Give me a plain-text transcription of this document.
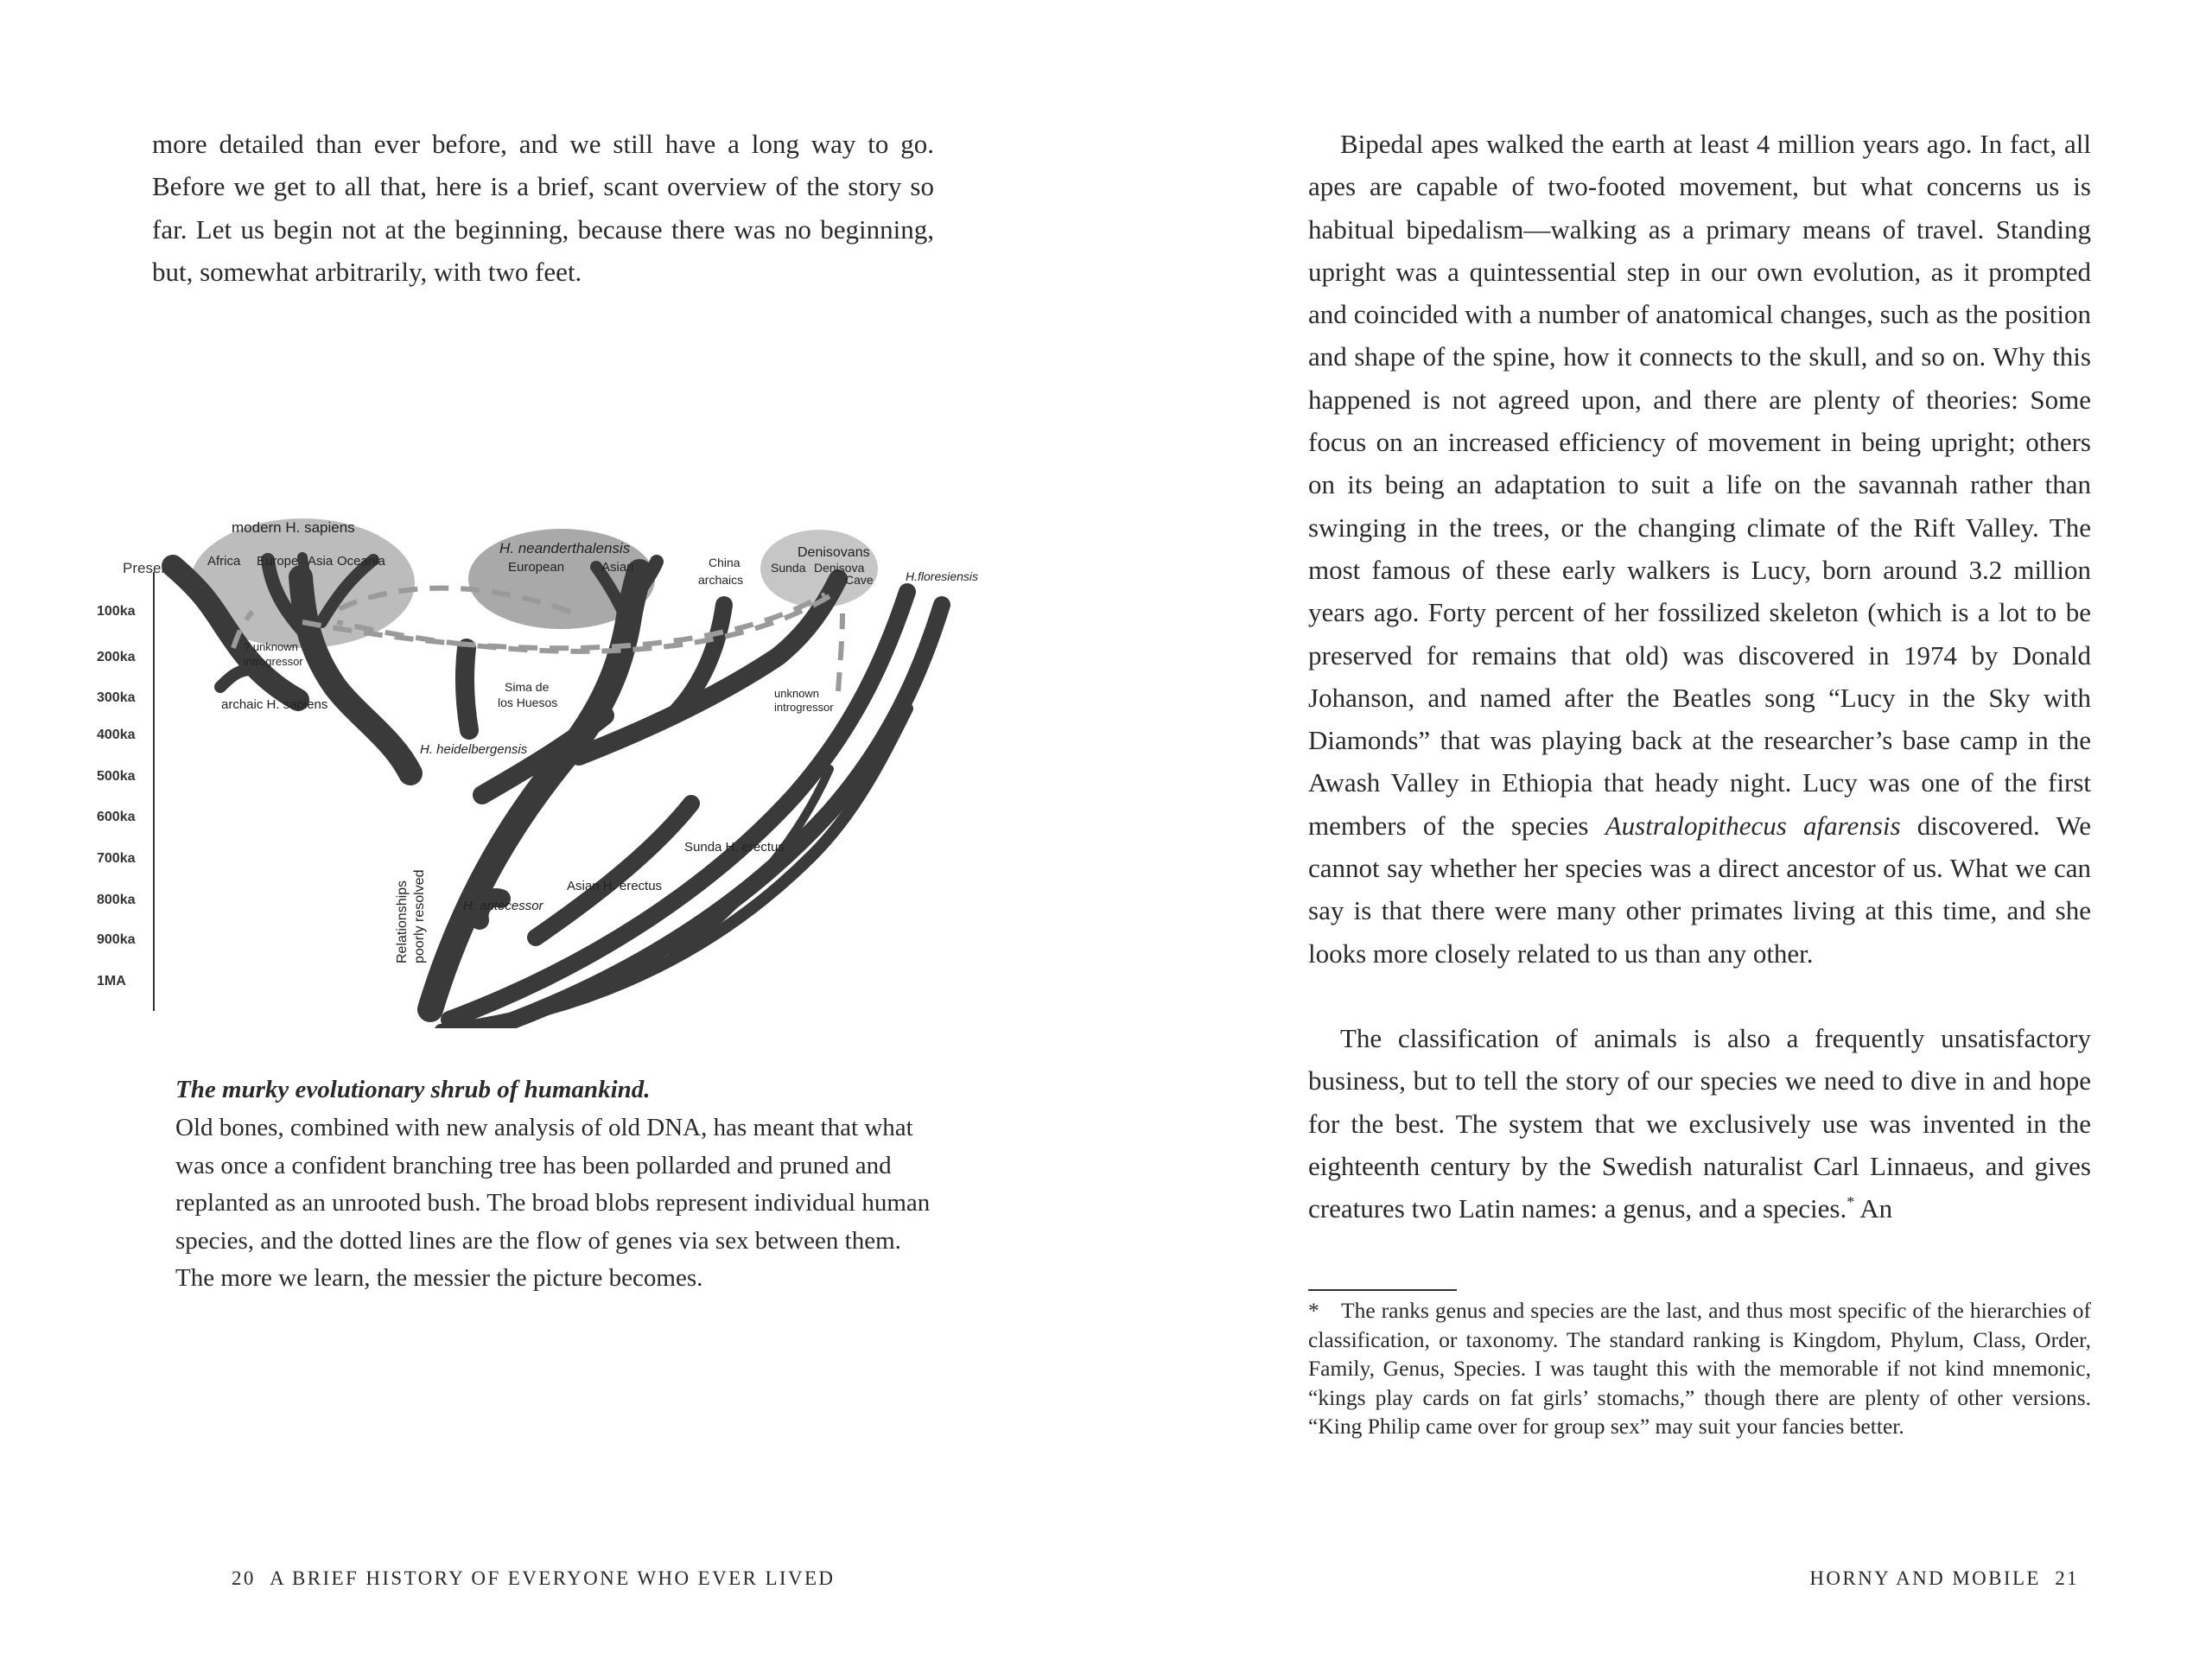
more detailed than ever before, and we still have a long way to go. Before we get to all that, here is a brief, scant overview of the story so far. Let us begin not at the beginning, because there was no beginning, but, somewhat arbitrarily, with two feet.

Present
100ka
200ka
300ka
400ka
500ka
600ka
700ka
800ka
900ka
1MA
modern H. sapiens
Africa Europe Asia Oceania
H. neanderthalensis
European	Asian	China
archaics
Denisovans
Sunda Denisova
Cave	H.floresiensis
? unknown
introgressor
archaic H. sapiens
Sima de
los Huesos
unknown
introgressor
H. heidelbergensis
Sunda H. erectus
Asian H. erectus
H. antecessor
Relationships poorly resolved

The murky evolutionary shrub of humankind.

Old bones, combined with new analysis of old DNA, has meant that what was once a confident branching tree has been pollarded and pruned and replanted as an unrooted bush. The broad blobs represent individual human species, and the dotted lines are the flow of genes via sex between them. The more we learn, the messier the picture becomes.

20 A BRIEF HISTORY OF EVERYONE WHO EVER LIVED

Bipedal apes walked the earth at least 4 million years ago. In fact, all apes are capable of two-footed movement, but what concerns us is habitual bipedalism—walking as a primary means of travel. Standing upright was a quintessential step in our own evolution, as it prompted and coincided with a number of anatomical changes, such as the position and shape of the spine, how it connects to the skull, and so on. Why this happened is not agreed upon, and there are plenty of theories: Some focus on an increased efficiency of movement in being upright; others on its being an adaptation to suit a life on the savannah rather than swinging in the trees, or the changing climate of the Rift Valley. The most famous of these early walkers is Lucy, born around 3.2 million years ago. Forty percent of her fossilized skeleton (which is a lot to be preserved for remains that old) was discovered in 1974 by Donald Johanson, and named after the Beatles song “Lucy in the Sky with Diamonds” that was playing back at the researcher’s base camp in the Awash Valley in Ethiopia that heady night. Lucy was one of the first members of the species Australopithecus afarensis discovered. We cannot say whether her species was a direct ancestor of us. What we can say is that there were many other primates living at this time, and she looks more closely related to us than any other.

The classification of animals is also a frequently unsatisfactory business, but to tell the story of our species we need to dive in and hope for the best. The system that we exclusively use was invented in the eighteenth century by the Swedish naturalist Carl Linnaeus, and gives creatures two Latin names: a genus, and a species.* An

* The ranks genus and species are the last, and thus most specific of the hierarchies of classification, or taxonomy. The standard ranking is Kingdom, Phylum, Class, Order, Family, Genus, Species. I was taught this with the memorable if not kind mnemonic, “kings play cards on fat girls’ stomachs,” though there are plenty of other versions. “King Philip came over for group sex” may suit your fancies better.

HORNY AND MOBILE 21
